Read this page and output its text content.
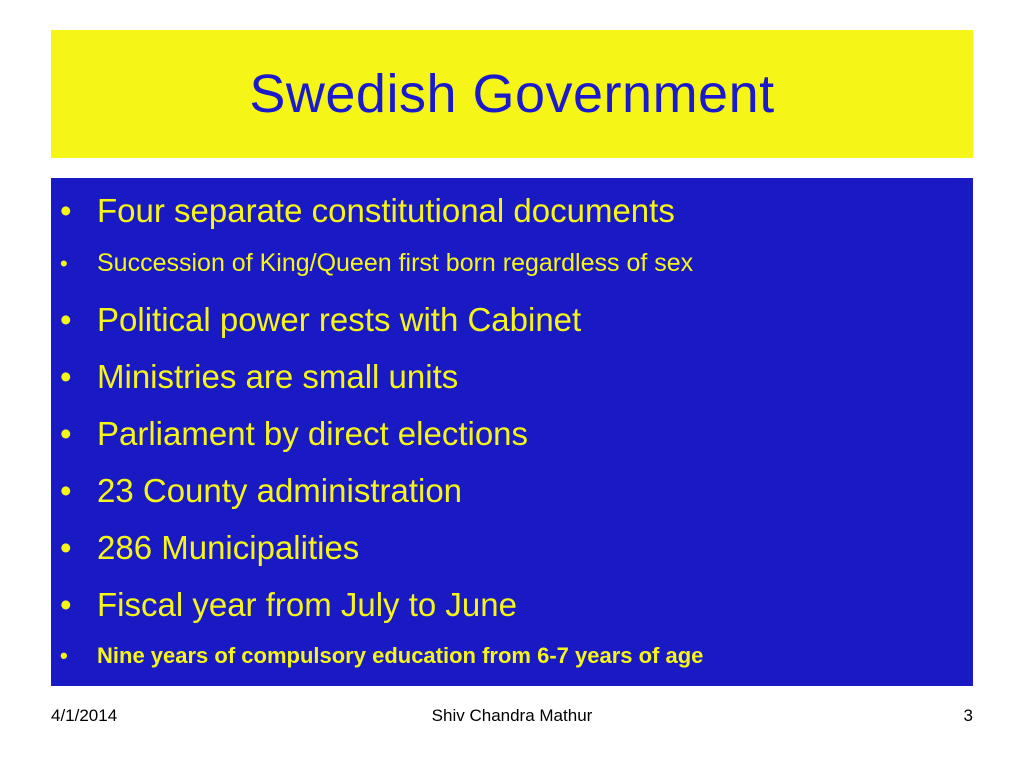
Swedish Government
• Four separate constitutional documents
•	Succession of King/Queen first born regardless of sex
• Political power rests with Cabinet
• Ministries are small units
• Parliament by direct elections
• 23 County administration
• 286 Municipalities
• Fiscal year from July to June
•	Nine years of compulsory education from 6-7 years of age
4/1/2014	Shiv Chandra Mathur	3
